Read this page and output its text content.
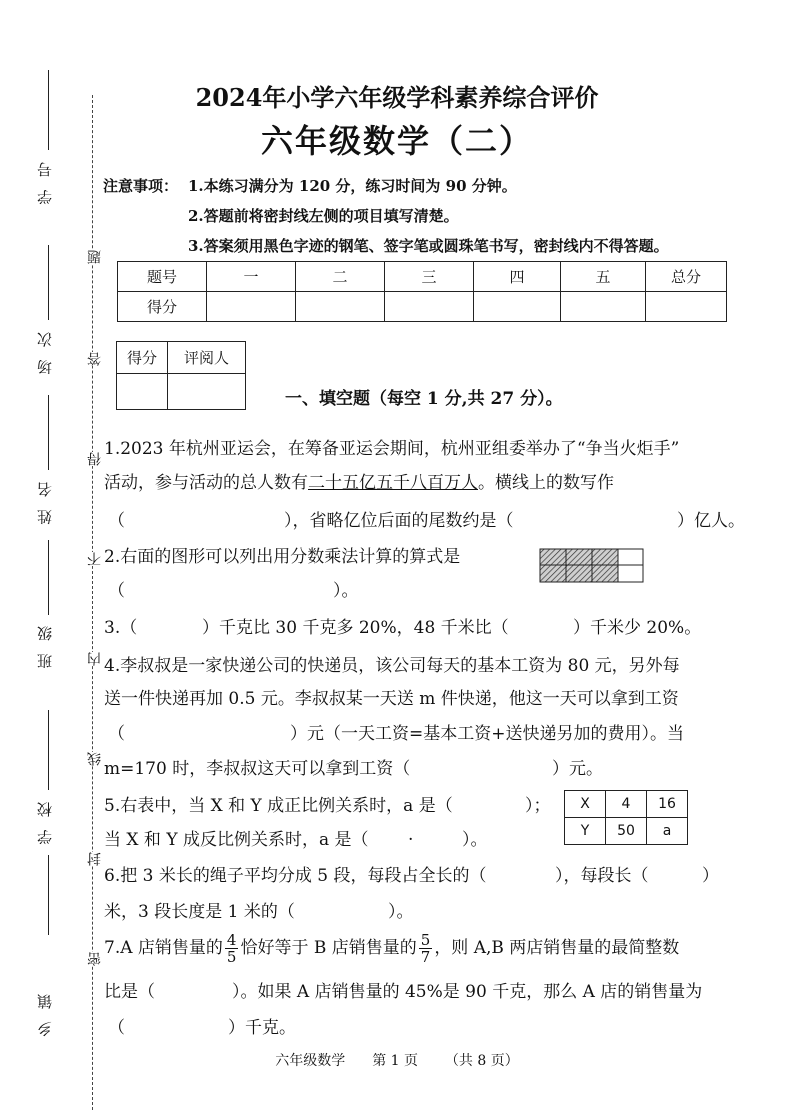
学 号
场 次
姓 名
班 级
学 校
乡 镇
题
答
得
不
内
线
封
密
2024年小学六年级学科素养综合评价
六年级数学（二）
注意事项： 1.本练习满分为 120 分，练习时间为 90 分钟。
2.答题前将密封线左侧的项目填写清楚。
3.答案须用黑色字迹的钢笔、签字笔或圆珠笔书写，密封线内不得答题。
题号	一	二	三	四	五	总分
得分						
得分	评阅人

一、填空题（每空 1 分,共 27 分）。
1.2023 年杭州亚运会，在筹备亚运会期间，杭州亚组委举办了“争当火炬手”
活动，参与活动的总人数有二十五亿五千八百万人。横线上的数写作
（	），省略亿位后面的尾数约是（	）亿人。
2.右面的图形可以列出用分数乘法计算的算式是
（	）。
3.（	）千克比 30 千克多 20%，48 千米比（	）千米少 20%。
4.李叔叔是一家快递公司的快递员，该公司每天的基本工资为 80 元，另外每
送一件快递再加 0.5 元。李叔叔某一天送 m 件快递，他这一天可以拿到工资
（	）元（一天工资=基本工资+送快递另加的费用）。当
m=170 时，李叔叔这天可以拿到工资（	）元。
5.右表中，当 X 和 Y 成正比例关系时，a 是（	）；
当 X 和 Y 成反比例关系时，a 是（ .	）。
X	4	16
Y	50	a
6.把 3 米长的绳子平均分成 5 段，每段占全长的（	），每段长（	）
米，3 段长度是 1 米的（	）。
7.A 店销售量的 $\frac{4}{5}$ 恰好等于 B 店销售量的 $\frac{5}{7}$ ，则 A,B 两店销售量的最简整数
比是（	）。如果 A 店销售量的 45%是 90 千克，那么 A 店的销售量为
（	）千克。
六年级数学 第 1 页 （共 8 页）
